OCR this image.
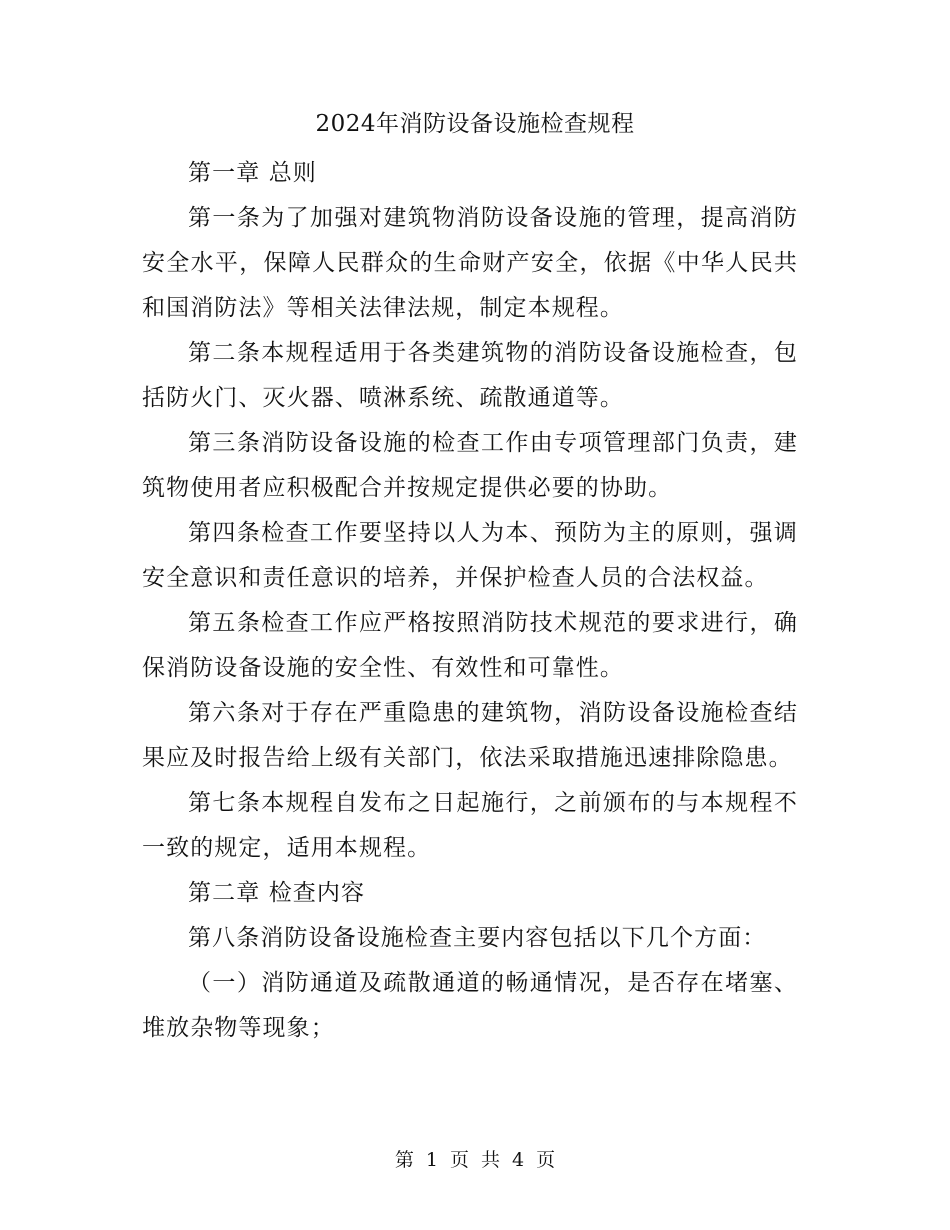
2024年消防设备设施检查规程

第一章 总则

第一条为了加强对建筑物消防设备设施的管理，提高消防安全水平，保障人民群众的生命财产安全，依据《中华人民共和国消防法》等相关法律法规，制定本规程。

第二条本规程适用于各类建筑物的消防设备设施检查，包括防火门、灭火器、喷淋系统、疏散通道等。

第三条消防设备设施的检查工作由专项管理部门负责，建筑物使用者应积极配合并按规定提供必要的协助。

第四条检查工作要坚持以人为本、预防为主的原则，强调安全意识和责任意识的培养，并保护检查人员的合法权益。

第五条检查工作应严格按照消防技术规范的要求进行，确保消防设备设施的安全性、有效性和可靠性。

第六条对于存在严重隐患的建筑物，消防设备设施检查结果应及时报告给上级有关部门，依法采取措施迅速排除隐患。

第七条本规程自发布之日起施行，之前颁布的与本规程不一致的规定，适用本规程。

第二章 检查内容

第八条消防设备设施检查主要内容包括以下几个方面：

（一）消防通道及疏散通道的畅通情况，是否存在堵塞、堆放杂物等现象；

第 1 页 共 4 页
